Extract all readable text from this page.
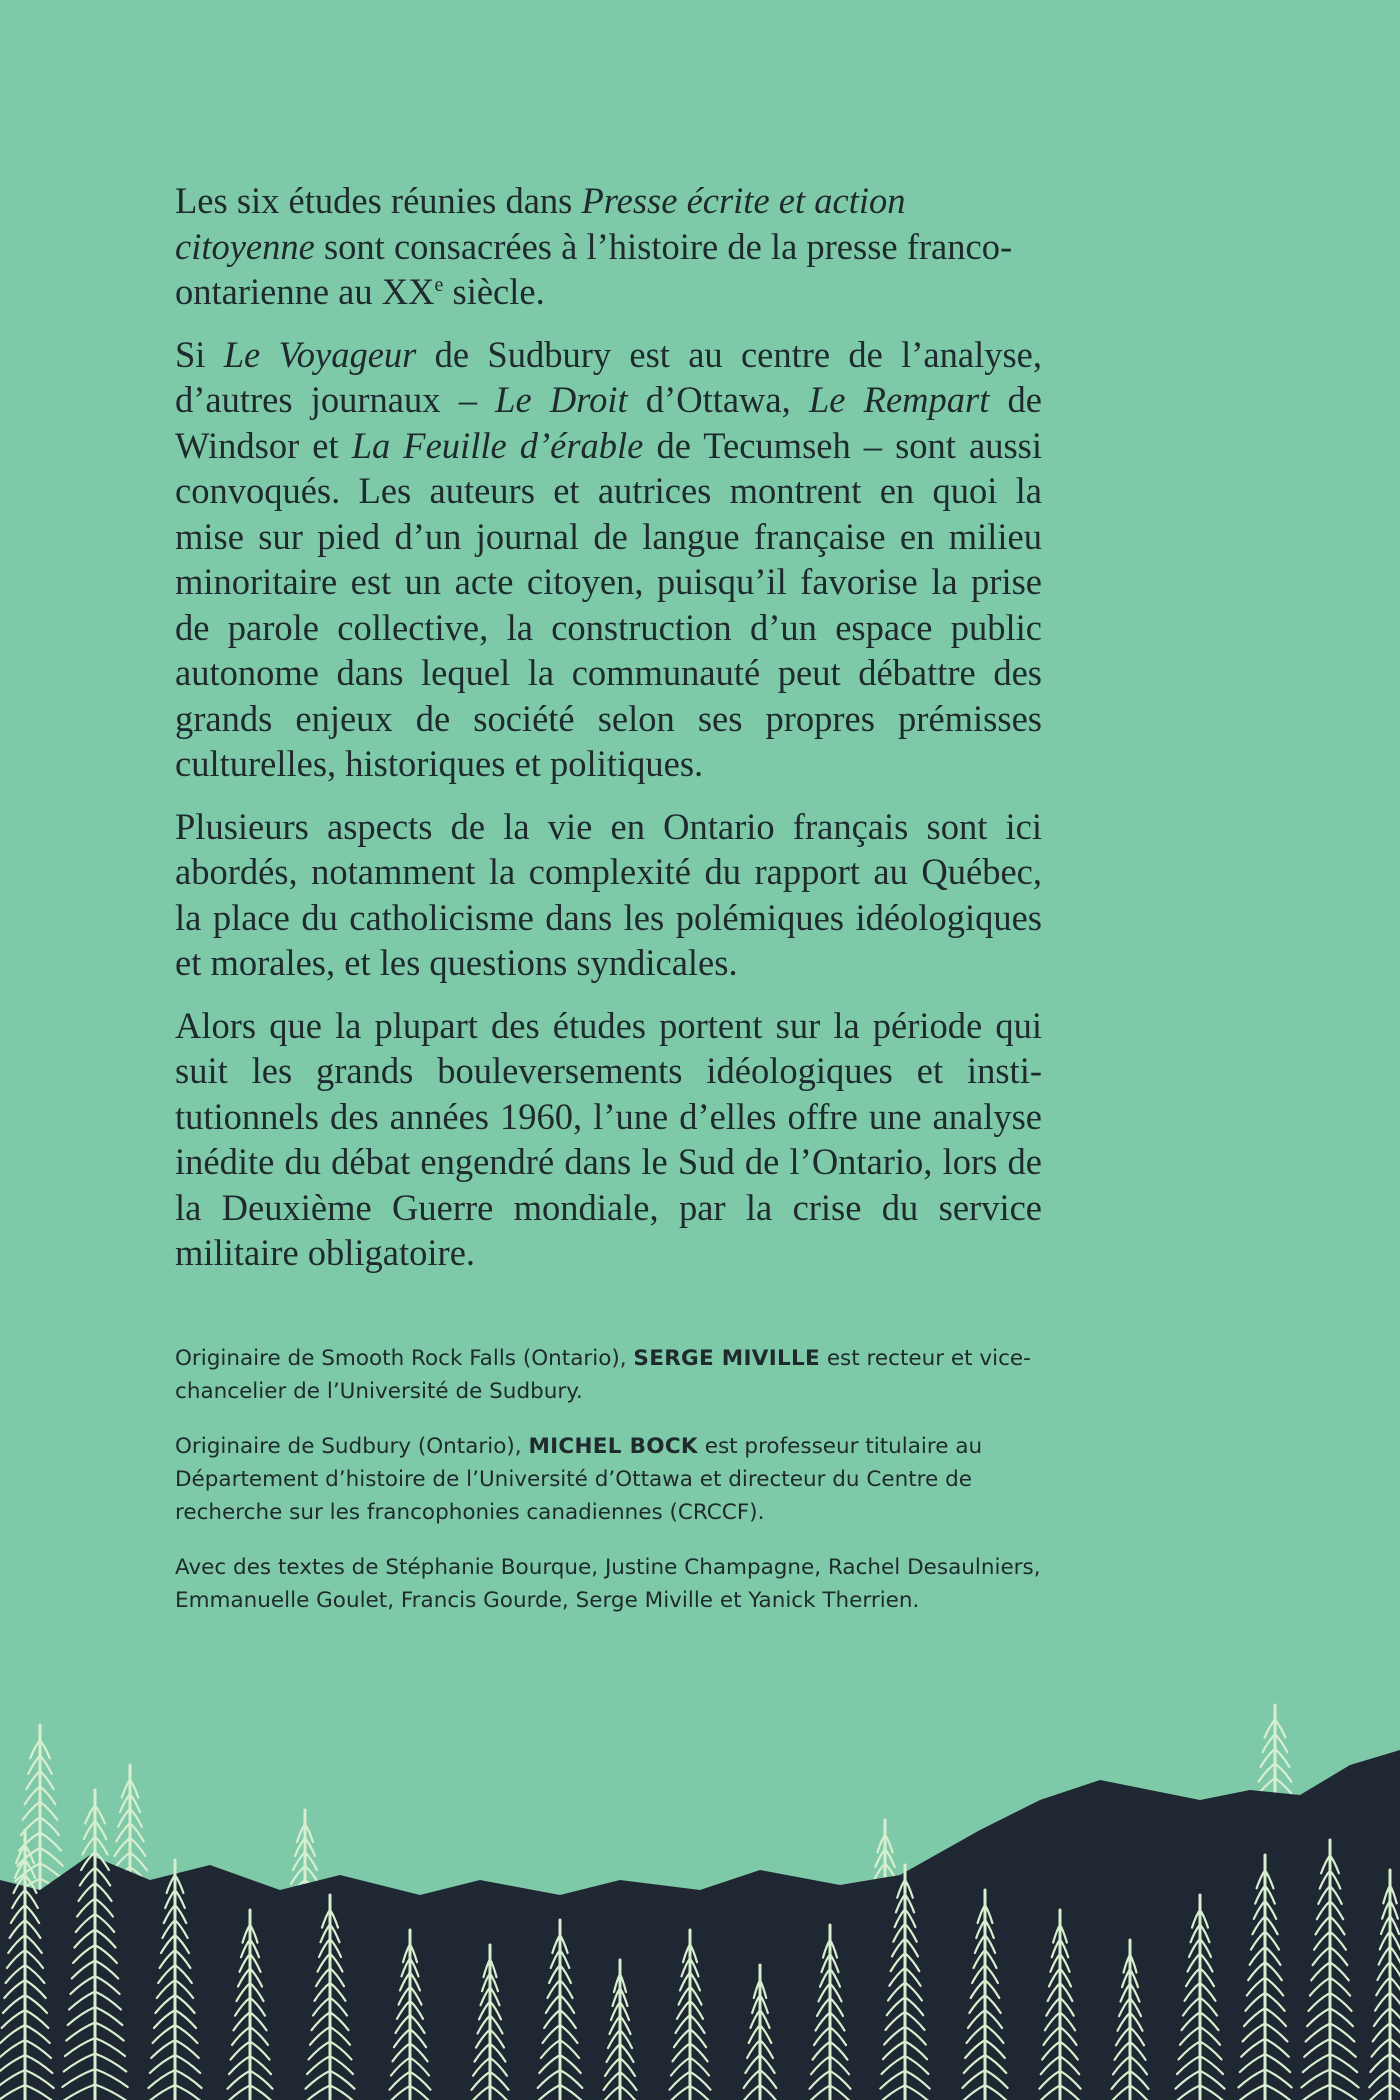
Les six études réunies dans Presse écrite et action citoyenne sont consacrées à l’histoire de la presse franco-ontarienne au XXe siècle.

Si Le Voyageur de Sudbury est au centre de l’analyse, d’autres journaux – Le Droit d’Ottawa, Le Rempart de Windsor et La Feuille d’érable de Tecumseh – sont aussi convoqués. Les auteurs et autrices montrent en quoi la mise sur pied d’un journal de langue française en milieu minoritaire est un acte citoyen, puisqu’il favorise la prise de parole collective, la construction d’un espace public autonome dans lequel la communauté peut débattre des grands enjeux de société selon ses propres prémisses culturelles, historiques et politiques.

Plusieurs aspects de la vie en Ontario français sont ici abordés, notamment la complexité du rapport au Québec, la place du catholicisme dans les polémiques idéologiques et morales, et les questions syndicales.

Alors que la plupart des études portent sur la période qui suit les grands bouleversements idéologiques et insti-tutionnels des années 1960, l’une d’elles offre une analyse inédite du débat engendré dans le Sud de l’Ontario, lors de la Deuxième Guerre mondiale, par la crise du service militaire obligatoire.

Originaire de Smooth Rock Falls (Ontario), SERGE MIVILLE est recteur et vice-chancelier de l’Université de Sudbury.

Originaire de Sudbury (Ontario), MICHEL BOCK est professeur titulaire au Département d’histoire de l’Université d’Ottawa et directeur du Centre de recherche sur les francophonies canadiennes (CRCCF).

Avec des textes de Stéphanie Bourque, Justine Champagne, Rachel Desaulniers, Emmanuelle Goulet, Francis Gourde, Serge Miville et Yanick Therrien.
